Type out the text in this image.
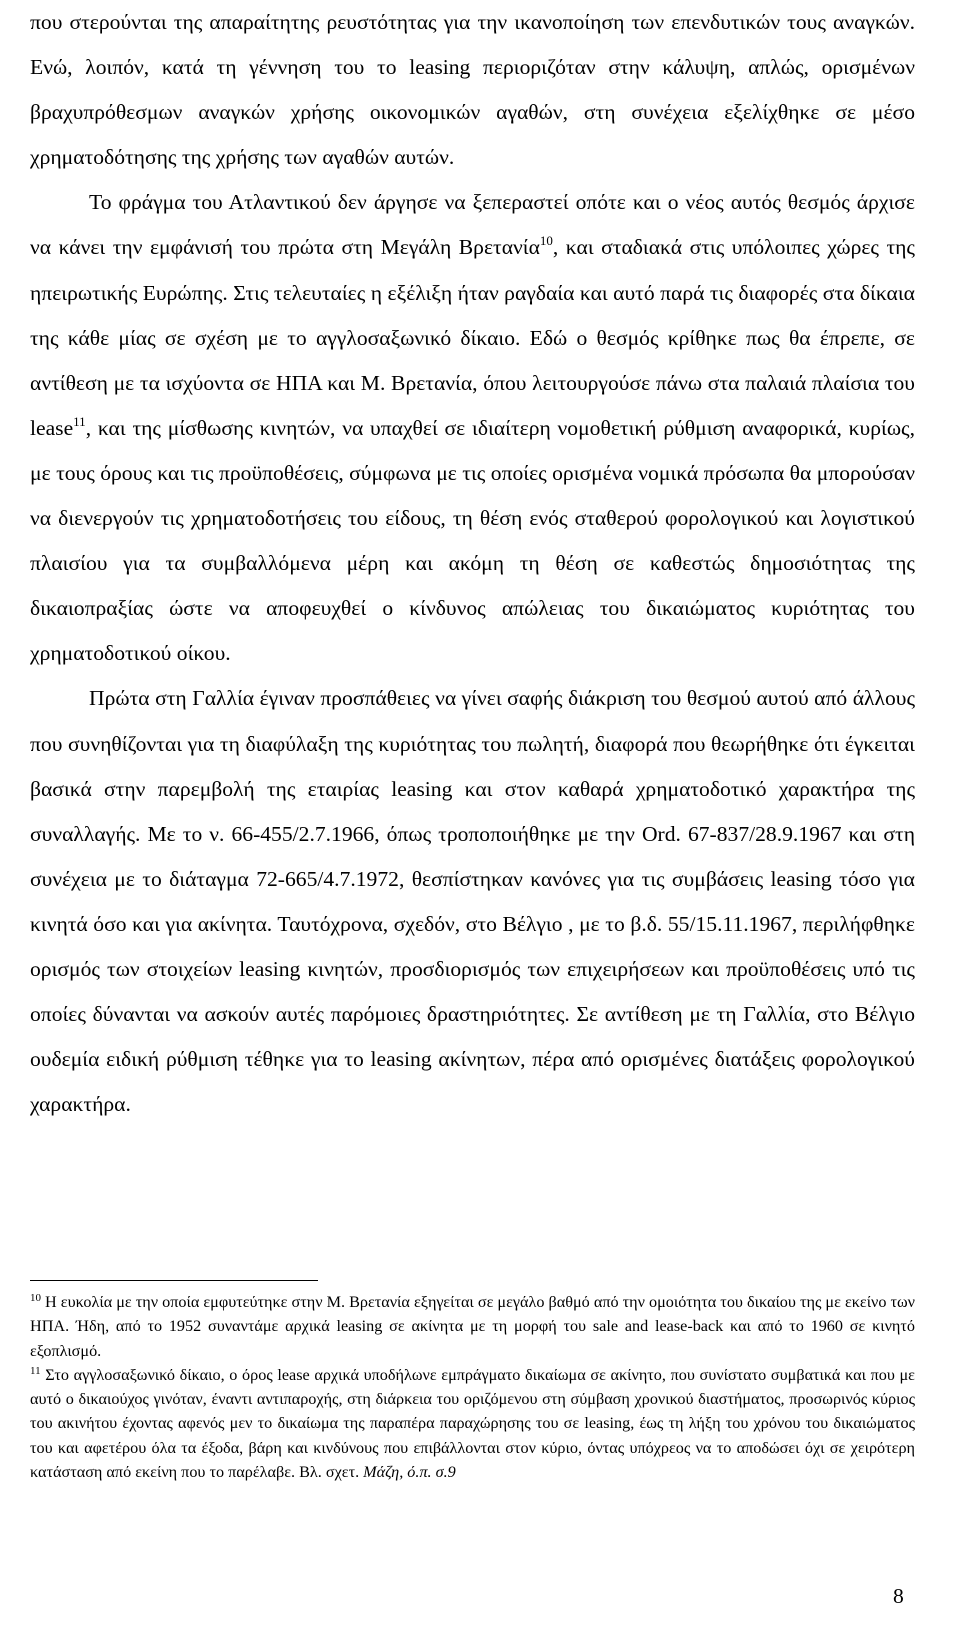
που στερούνται της απαραίτητης ρευστότητας για την ικανοποίηση των επενδυτικών τους αναγκών. Ενώ, λοιπόν, κατά τη γέννηση του το leasing περιοριζόταν στην κάλυψη, απλώς, ορισμένων βραχυπρόθεσμων αναγκών χρήσης οικονομικών αγαθών, στη συνέχεια εξελίχθηκε σε μέσο χρηματοδότησης της χρήσης των αγαθών αυτών.

Το φράγμα του Ατλαντικού δεν άργησε να ξεπεραστεί οπότε και ο νέος αυτός θεσμός άρχισε να κάνει την εμφάνισή του πρώτα στη Μεγάλη Βρετανία$^{10}$, και σταδιακά στις υπόλοιπες χώρες της ηπειρωτικής Ευρώπης. Στις τελευταίες η εξέλιξη ήταν ραγδαία και αυτό παρά τις διαφορές στα δίκαια της κάθε μίας σε σχέση με το αγγλοσαξωνικό δίκαιο. Εδώ ο θεσμός κρίθηκε πως θα έπρεπε, σε αντίθεση με τα ισχύοντα σε ΗΠΑ και Μ. Βρετανία, όπου λειτουργούσε πάνω στα παλαιά πλαίσια του lease$^{11}$, και της μίσθωσης κινητών, να υπαχθεί σε ιδιαίτερη νομοθετική ρύθμιση αναφορικά, κυρίως, με τους όρους και τις προϋποθέσεις, σύμφωνα με τις οποίες ορισμένα νομικά πρόσωπα θα μπορούσαν να διενεργούν τις χρηματοδοτήσεις του είδους, τη θέση ενός σταθερού φορολογικού και λογιστικού πλαισίου για τα συμβαλλόμενα μέρη και ακόμη τη θέση σε καθεστώς δημοσιότητας της δικαιοπραξίας ώστε να αποφευχθεί ο κίνδυνος απώλειας του δικαιώματος κυριότητας του χρηματοδοτικού οίκου.

Πρώτα στη Γαλλία έγιναν προσπάθειες να γίνει σαφής διάκριση του θεσμού αυτού από άλλους που συνηθίζονται για τη διαφύλαξη της κυριότητας του πωλητή, διαφορά που θεωρήθηκε ότι έγκειται βασικά στην παρεμβολή της εταιρίας leasing και στον καθαρά χρηματοδοτικό χαρακτήρα της συναλλαγής. Με το ν. 66-455/2.7.1966, όπως τροποποιήθηκε με την Ord. 67-837/28.9.1967 και στη συνέχεια με το διάταγμα 72-665/4.7.1972, θεσπίστηκαν κανόνες για τις συμβάσεις leasing τόσο για κινητά όσο και για ακίνητα. Ταυτόχρονα, σχεδόν, στο Βέλγιο , με το β.δ. 55/15.11.1967, περιλήφθηκε ορισμός των στοιχείων leasing κινητών, προσδιορισμός των επιχειρήσεων και προϋποθέσεις υπό τις οποίες δύνανται να ασκούν αυτές παρόμοιες δραστηριότητες. Σε αντίθεση με τη Γαλλία, στο Βέλγιο ουδεμία ειδική ρύθμιση τέθηκε για το leasing ακίνητων, πέρα από ορισμένες διατάξεις φορολογικού χαρακτήρα.

$^{10}$ Η ευκολία με την οποία εμφυτεύτηκε στην Μ. Βρετανία εξηγείται σε μεγάλο βαθμό από την ομοιότητα του δικαίου της με εκείνο των ΗΠΑ. Ήδη, από το 1952 συναντάμε αρχικά leasing σε ακίνητα με τη μορφή του sale and lease-back και από το 1960 σε κινητό εξοπλισμό.

$^{11}$ Στο αγγλοσαξωνικό δίκαιο, ο όρος lease αρχικά υποδήλωνε εμπράγματο δικαίωμα σε ακίνητο, που συνίστατο συμβατικά και που με αυτό ο δικαιούχος γινόταν, έναντι αντιπαροχής, στη διάρκεια του οριζόμενου στη σύμβαση χρονικού διαστήματος, προσωρινός κύριος του ακινήτου έχοντας αφενός μεν το δικαίωμα της παραπέρα παραχώρησης του σε leasing, έως τη λήξη του χρόνου του δικαιώματος του και αφετέρου όλα τα έξοδα, βάρη και κινδύνους που επιβάλλονται στον κύριο, όντας υπόχρεος να το αποδώσει όχι σε χειρότερη κατάσταση από εκείνη που το παρέλαβε. Βλ. σχετ. Μάζη, ό.π. σ.9

8
